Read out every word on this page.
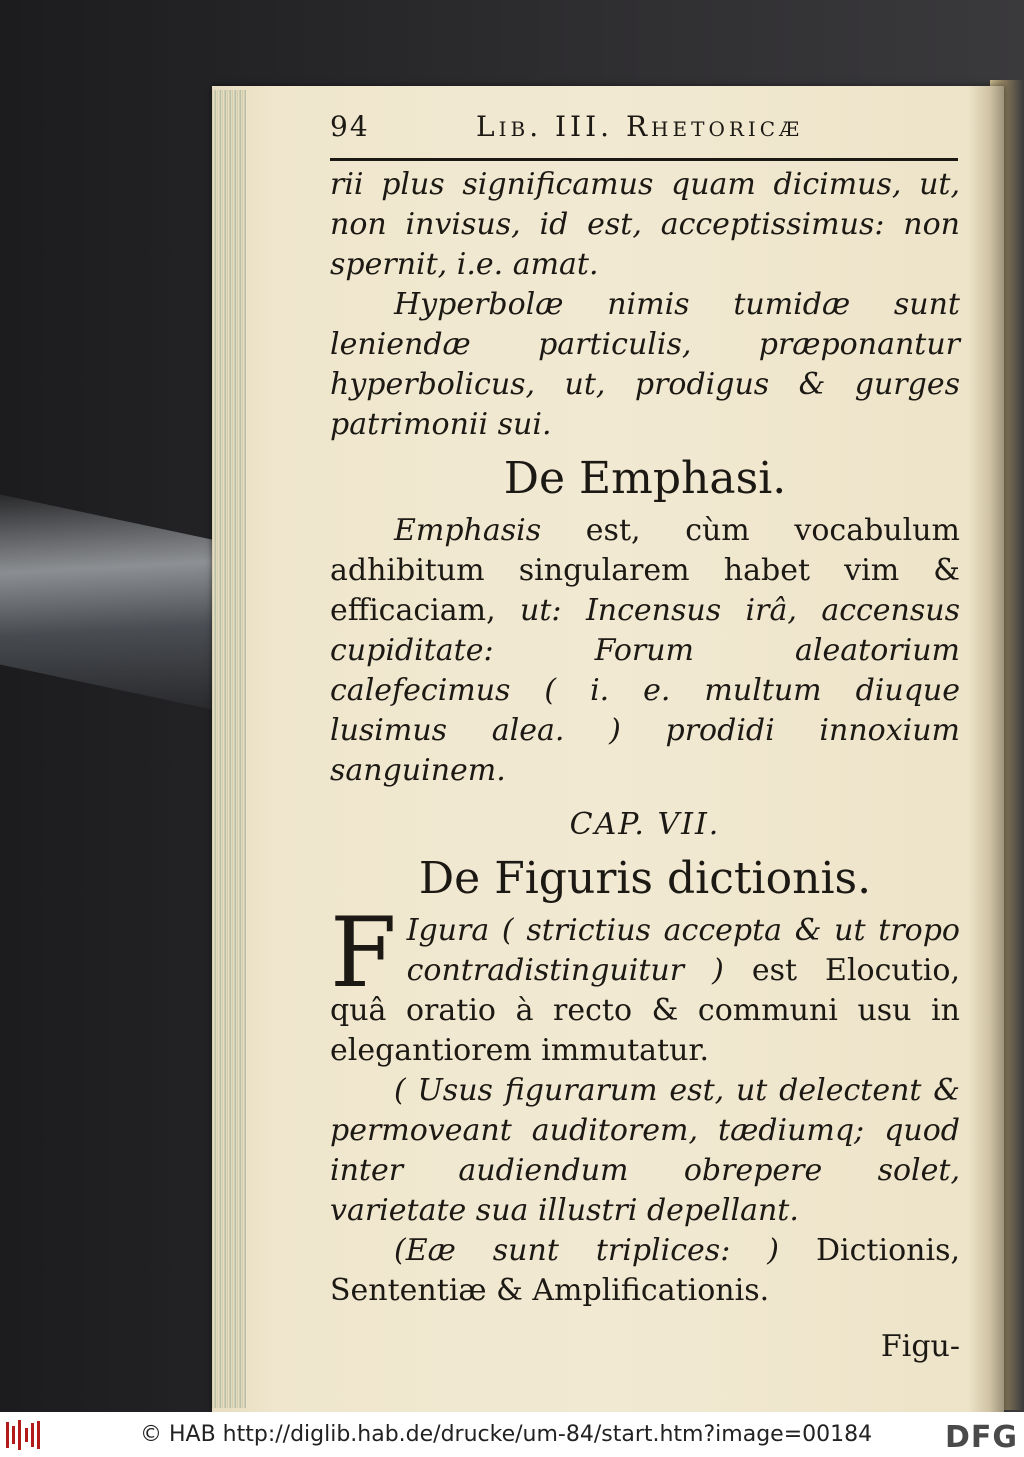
94	Lib. III. Rhetoricæ

rii plus significamus quam dicimus, ut, non invisus, id est, acceptissimus: non spernit, i.e. amat.

Hyperbolæ nimis tumidæ sunt leniendæ particulis, præponantur hyperbolicus, ut, prodigus & gurges patrimonii sui.

De Emphasi.

Emphasis est, cùm vocabulum adhibitum singularem habet vim & efficaciam, ut: Incensus irâ, accensus cupiditate: Forum aleatorium calefecimus ( i. e. multum diuque lusimus alea. ) prodidi innoxium sanguinem.

CAP. VII.
De Figuris dictionis.

F Igura ( strictius accepta & ut tropo contradistinguitur ) est Elocutio, quâ oratio à recto & communi usu in elegantiorem immutatur.

( Usus figurarum est, ut delectent & permoveant auditorem, tædiumq; quod inter audiendum obrepere solet, varietate sua illustri depellant.

(Eæ sunt triplices: ) Dictionis, Sententiæ & Amplificationis.

Figu-
© HAB http://diglib.hab.de/drucke/um-84/start.htm?image=00184 DFG
